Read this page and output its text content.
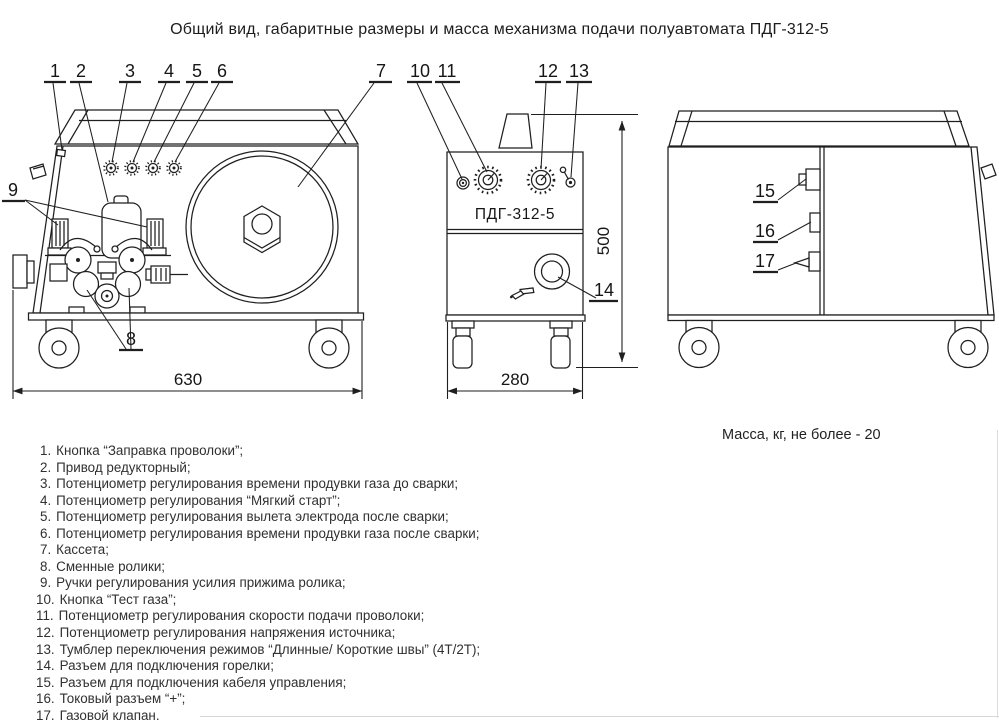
Общий вид, габаритные размеры и масса механизма подачи полуавтомата ПДГ-312-5
ПДГ-312-5
630	280
500
1 2 3 4 5 6	7
8
9
10 11	12 13
14
15
16
17
Масса, кг, не более - 20
1. Кнопка “Заправка проволоки”;
2. Привод редукторный;
3. Потенциометр регулирования времени продувки газа до сварки;
4. Потенциометр регулирования “Мягкий старт”;
5. Потенциометр регулирования вылета электрода после сварки;
6. Потенциометр регулирования времени продувки газа после сварки;
7. Кассета;
8. Сменные ролики;
9. Ручки регулирования усилия прижима ролика;
10. Кнопка “Тест газа”;
11. Потенциометр регулирования скорости подачи проволоки;
12. Потенциометр регулирования напряжения источника;
13. Тумблер переключения режимов “Длинные/ Короткие швы” (4Т/2Т);
14. Разъем для подключения горелки;
15. Разъем для подключения кабеля управления;
16. Токовый разъем “+”;
17. Газовой клапан.
